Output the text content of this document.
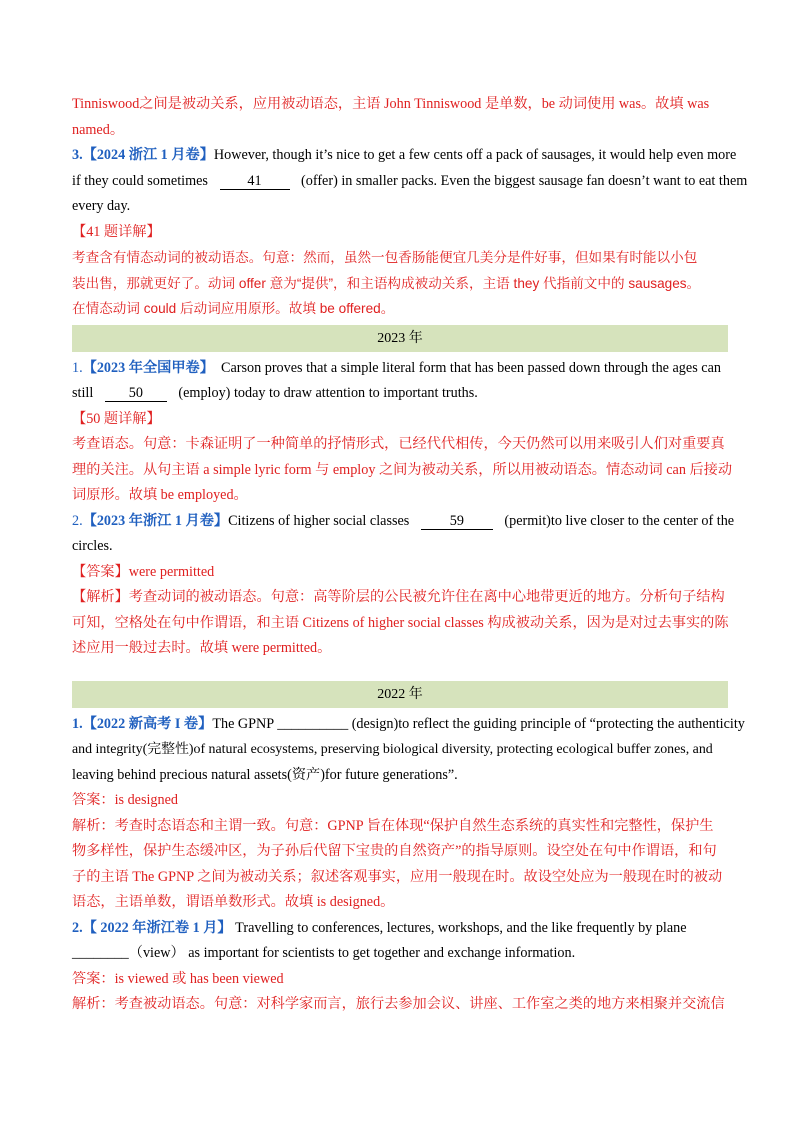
Tinniswood之间是被动关系，应用被动语态，主语 John Tinniswood 是单数，be 动词使用 was。故填 was
named。
3.【2024 浙江 1 月卷】However, though it’s nice to get a few cents off a pack of sausages, it would help even more
if they could sometimes	41	(offer) in smaller packs. Even the biggest sausage fan doesn’t want to eat them
every day.
【41 题详解】
考查含有情态动词的被动语态。句意：然而，虽然一包香肠能便宜几美分是件好事，但如果有时能以小包
装出售，那就更好了。动词 offer 意为“提供”，和主语构成被动关系，主语 they 代指前文中的 sausages。
在情态动词 could 后动词应用原形。故填 be offered。
2023 年
1.【2023 年全国甲卷】 Carson proves that a simple literal form that has been passed down through the ages can
still 50 (employ) today to draw attention to important truths.
【50 题详解】
考查语态。句意：卡森证明了一种简单的抒情形式，已经代代相传，今天仍然可以用来吸引人们对重要真
理的关注。从句主语 a simple lyric form 与 employ 之间为被动关系，所以用被动语态。情态动词 can 后接动
词原形。故填 be employed。
2.【2023 年浙江 1 月卷】Citizens of higher social classes	59	(permit)to live closer to the center of the
circles.
【答案】were permitted
【解析】考查动词的被动语态。句意：高等阶层的公民被允许住在离中心地带更近的地方。分析句子结构
可知，空格处在句中作谓语，和主语 Citizens of higher social classes 构成被动关系，因为是对过去事实的陈
述应用一般过去时。故填 were permitted。
2022 年
1.【2022 新高考 I 卷】The GPNP __________ (design)to reflect the guiding principle of “protecting the authenticity
and integrity(完整性)of natural ecosystems, preserving biological diversity, protecting ecological buffer zones, and
leaving behind precious natural assets(资产)for future generations”.
答案：is designed
解析：考查时态语态和主谓一致。句意：GPNP 旨在体现“保护自然生态系统的真实性和完整性，保护生
物多样性，保护生态缓冲区，为子孙后代留下宝贵的自然资产”的指导原则。设空处在句中作谓语，和句
子的主语 The GPNP 之间为被动关系；叙述客观事实，应用一般现在时。故设空处应为一般现在时的被动
语态，主语单数，谓语单数形式。故填 is designed。
2.【 2022 年浙江卷 1 月】 Travelling to conferences, lectures, workshops, and the like frequently by plane
________（view） as important for scientists to get together and exchange information.
答案：is viewed 或 has been viewed
解析：考查被动语态。句意：对科学家而言，旅行去参加会议、讲座、工作室之类的地方来相聚并交流信
